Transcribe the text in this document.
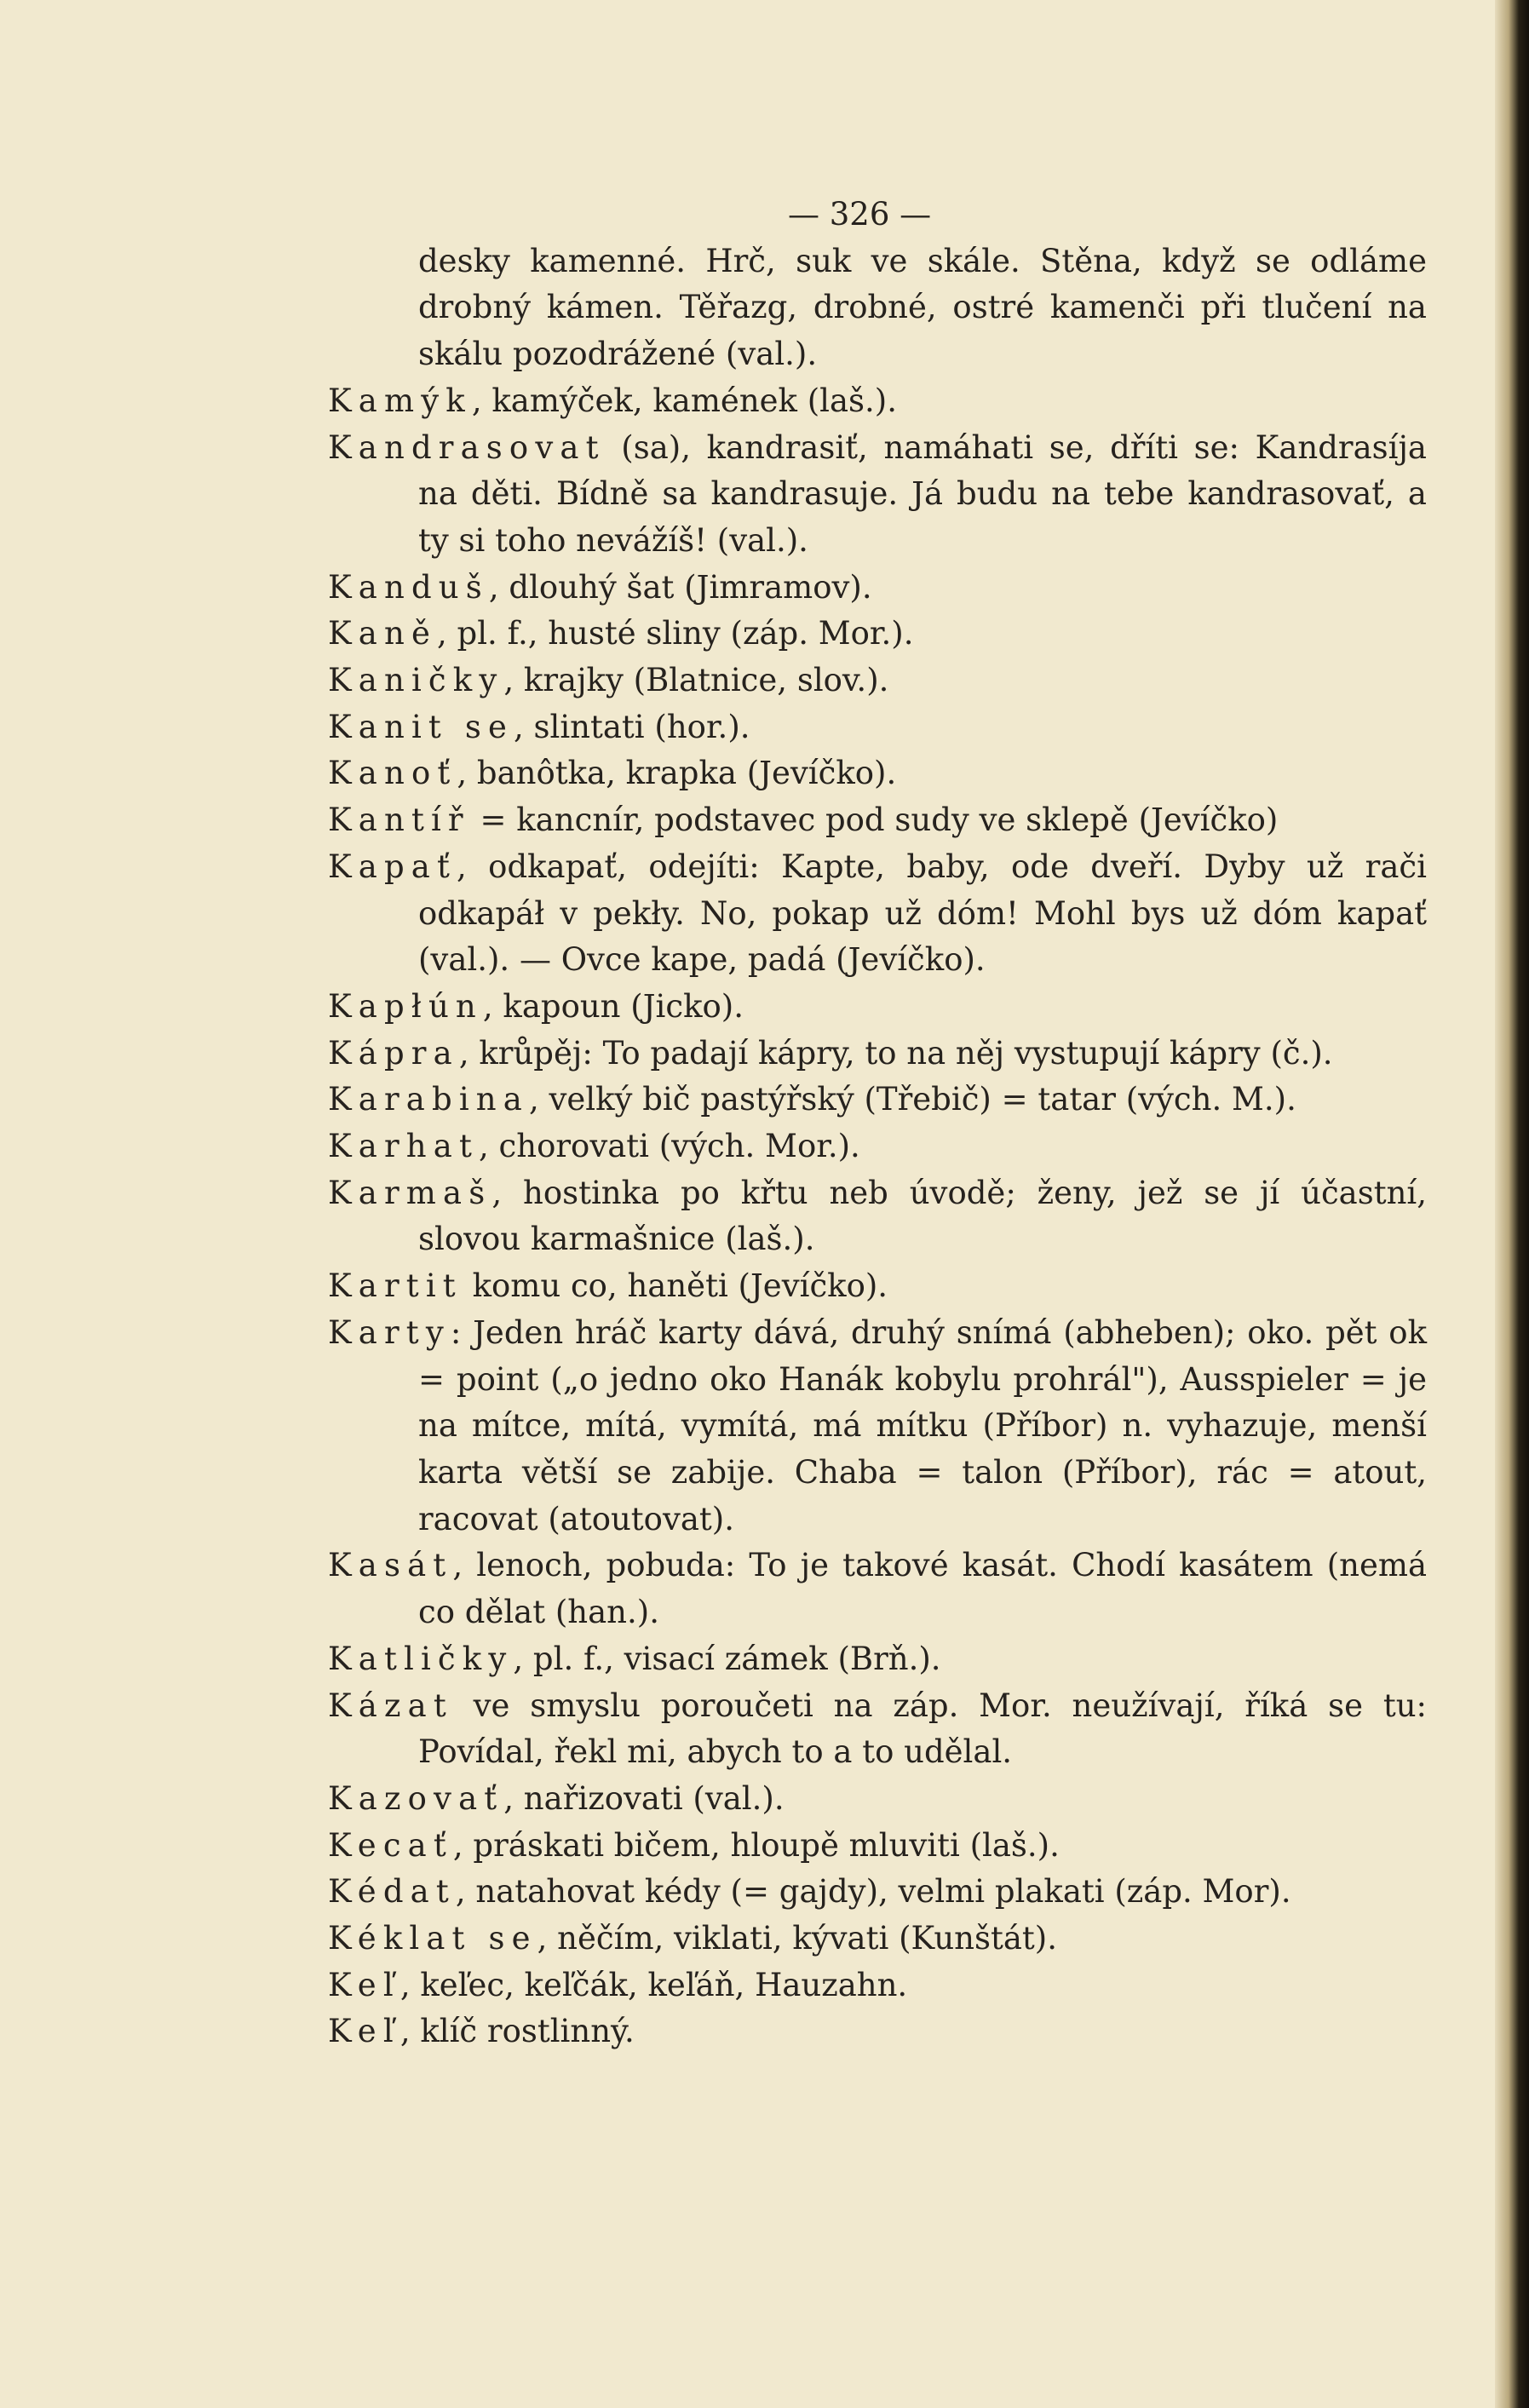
— 326 —
desky kamenné. Hrč, suk ve skále. Stěna, když se odláme drobný kámen. Těřazg, drobné, ostré kamenči při tlučení na skálu pozodrážené (val.).
Kamýk, kamýček, kamének (laš.).
Kandrasovat (sa), kandrasiť, namáhati se, dříti se: Kandrasíja na děti. Bídně sa kandrasuje. Já budu na tebe kandrasovať, a ty si toho nevážíš! (val.).
Kanduš, dlouhý šat (Jimramov).
Kaně, pl. f., husté sliny (záp. Mor.).
Kaničky, krajky (Blatnice, slov.).
Kanit se, slintati (hor.).
Kanoť, banôtka, krapka (Jevíčko).
Kantíř = kancnír, podstavec pod sudy ve sklepě (Jevíčko)
Kapať, odkapať, odejíti: Kapte, baby, ode dveří. Dyby už rači odkapáł v pekły. No, pokap už dóm! Mohl bys už dóm kapať (val.). — Ovce kape, padá (Jevíčko).
Kapłún, kapoun (Jicko).
Kápra, krůpěj: To padají kápry, to na něj vystupují kápry (č.).
Karabina, velký bič pastýřský (Třebič) = tatar (vých. M.).
Karhat, chorovati (vých. Mor.).
Karmaš, hostinka po křtu neb úvodě; ženy, jež se jí účastní, slovou karmašnice (laš.).
Kartit komu co, haněti (Jevíčko).
Karty: Jeden hráč karty dává, druhý snímá (abheben); oko. pět ok = point („o jedno oko Hanák kobylu prohrál"), Ausspieler = je na mítce, mítá, vymítá, má mítku (Příbor) n. vyhazuje, menší karta větší se zabije. Chaba = talon (Příbor), rác = atout, racovat (atoutovat).
Kasát, lenoch, pobuda: To je takové kasát. Chodí kasátem (nemá co dělat (han.).
Katličky, pl. f., visací zámek (Brň.).
Kázat ve smyslu poroučeti na záp. Mor. neužívají, říká se tu: Povídal, řekl mi, abych to a to udělal.
Kazovať, nařizovati (val.).
Kecať, práskati bičem, hloupě mluviti (laš.).
Kédat, natahovat kédy (= gajdy), velmi plakati (záp. Mor).
Kéklat se, něčím, viklati, kývati (Kunštát).
Keľ, keľec, keľčák, keľáň, Hauzahn.
Keľ, klíč rostlinný.
